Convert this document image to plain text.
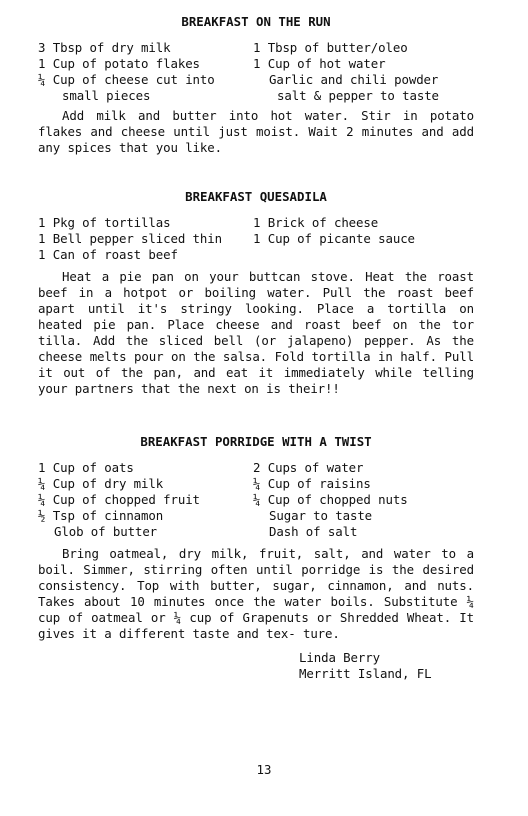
BREAKFAST ON THE RUN
3 Tbsp of dry milk
1 Cup of potato flakes
¼ Cup of cheese cut into
small pieces
1 Tbsp of butter/oleo
1 Cup of hot water
Garlic and chili powder
salt & pepper to taste
Add milk and butter into hot water. Stir in potato flakes and cheese until just moist. Wait 2 minutes and add any spices that you like.
BREAKFAST QUESADILA
1 Pkg of tortillas
1 Bell pepper sliced thin
1 Can of roast beef
1 Brick of cheese
1 Cup of picante sauce
Heat a pie pan on your buttcan stove. Heat the roast beef in a hotpot or boiling water. Pull the roast beef apart until it's stringy looking. Place a tortilla on heated pie pan. Place cheese and roast beef on the tor tilla. Add the sliced bell (or jalapeno) pepper. As the cheese melts pour on the salsa. Fold tortilla in half. Pull it out of the pan, and eat it immediately while telling your partners that the next on is their!!
BREAKFAST PORRIDGE WITH A TWIST
1 Cup of oats
¼ Cup of dry milk
¼ Cup of chopped fruit
½ Tsp of cinnamon
Glob of butter
2 Cups of water
¼ Cup of raisins
¼ Cup of chopped nuts
Sugar to taste
Dash of salt
Bring oatmeal, dry milk, fruit, salt, and water to a boil. Simmer, stirring often until porridge is the desired consistency. Top with butter, sugar, cinnamon, and nuts. Takes about 10 minutes once the water boils. Substitute ¼ cup of oatmeal or ¼ cup of Grapenuts or Shredded Wheat. It gives it a different taste and tex- ture.
Linda Berry
Merritt Island, FL
13
